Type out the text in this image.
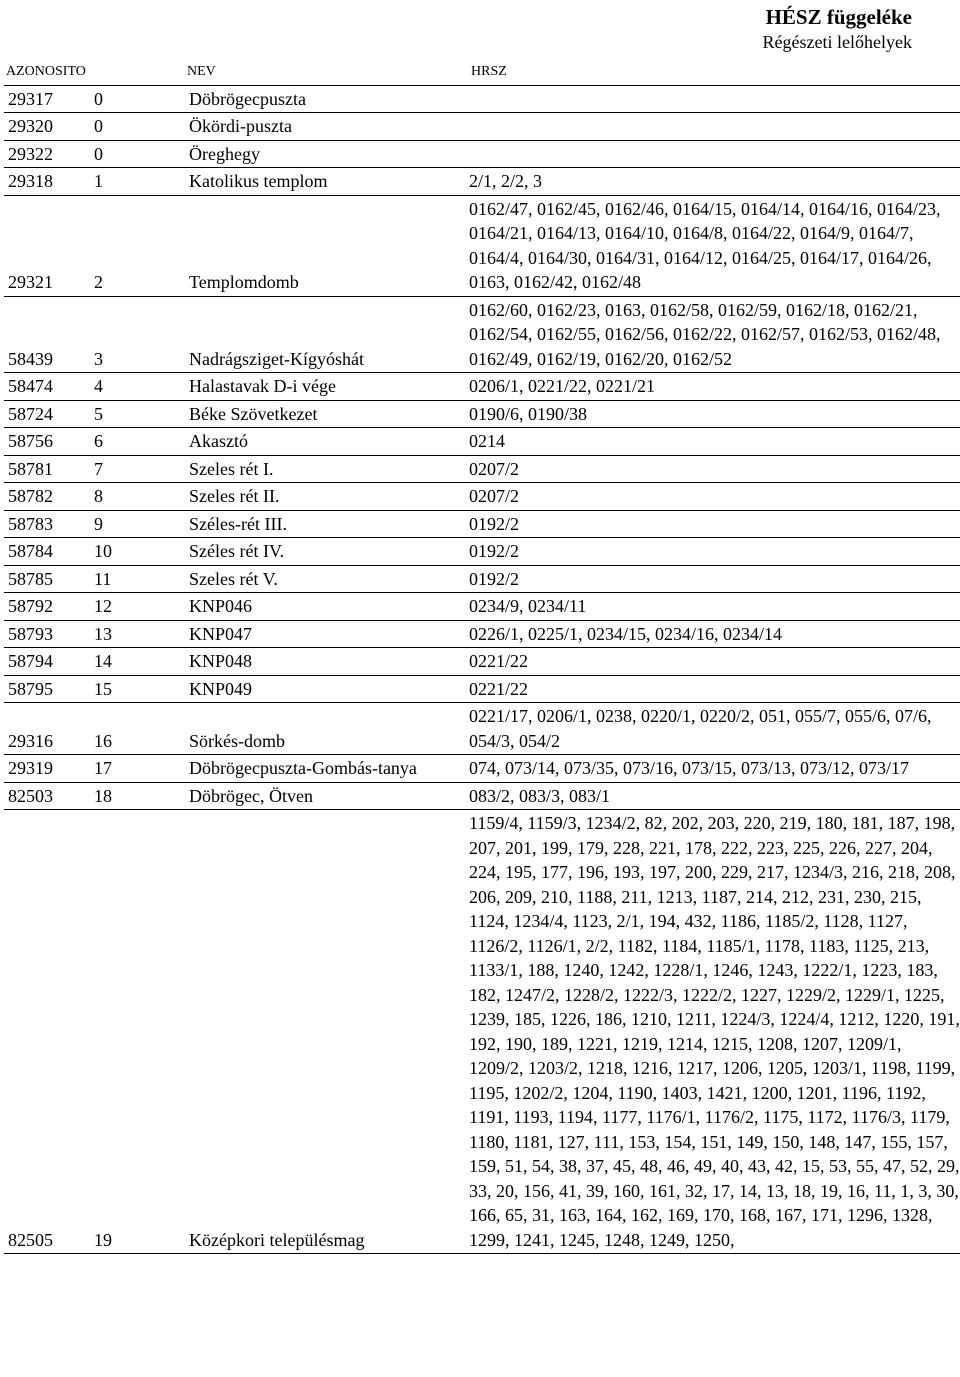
HÉSZ függeléke
Régészeti lelőhelyek
AZONOSITO	NEV		HRSZ
29317	0	Döbrögecpuszta	
29320	0	Ökördi-puszta	
29322	0	Öreghegy	
29318	1	Katolikus templom	2/1, 2/2, 3
29321	2	Templomdomb	0162/47, 0162/45, 0162/46, 0164/15, 0164/14, 0164/16, 0164/23, 0164/21, 0164/13, 0164/10, 0164/8, 0164/22, 0164/9, 0164/7, 0164/4, 0164/30, 0164/31, 0164/12, 0164/25, 0164/17, 0164/26, 0163, 0162/42, 0162/48
58439	3	Nadrágsziget-Kígyóshát	0162/60, 0162/23, 0163, 0162/58, 0162/59, 0162/18, 0162/21, 0162/54, 0162/55, 0162/56, 0162/22, 0162/57, 0162/53, 0162/48, 0162/49, 0162/19, 0162/20, 0162/52
58474	4	Halastavak D-i vége	0206/1, 0221/22, 0221/21
58724	5	Béke Szövetkezet	0190/6, 0190/38
58756	6	Akasztó	0214
58781	7	Szeles rét I.	0207/2
58782	8	Szeles rét II.	0207/2
58783	9	Széles-rét III.	0192/2
58784	10	Széles rét IV.	0192/2
58785	11	Szeles rét V.	0192/2
58792	12	KNP046	0234/9, 0234/11
58793	13	KNP047	0226/1, 0225/1, 0234/15, 0234/16, 0234/14
58794	14	KNP048	0221/22
58795	15	KNP049	0221/22
29316	16	Sörkés-domb	0221/17, 0206/1, 0238, 0220/1, 0220/2, 051, 055/7, 055/6, 07/6, 054/3, 054/2
29319	17	Döbrögecpuszta-Gombás-tanya	074, 073/14, 073/35, 073/16, 073/15, 073/13, 073/12, 073/17
82503	18	Döbrögec, Ötven	083/2, 083/3, 083/1
82505	19	Középkori településmag	1159/4, 1159/3, 1234/2, 82, 202, 203, 220, 219, 180, 181, 187, 198, 207, 201, 199, 179, 228, 221, 178, 222, 223, 225, 226, 227, 204, 224, 195, 177, 196, 193, 197, 200, 229, 217, 1234/3, 216, 218, 208, 206, 209, 210, 1188, 211, 1213, 1187, 214, 212, 231, 230, 215, 1124, 1234/4, 1123, 2/1, 194, 432, 1186, 1185/2, 1128, 1127, 1126/2, 1126/1, 2/2, 1182, 1184, 1185/1, 1178, 1183, 1125, 213, 1133/1, 188, 1240, 1242, 1228/1, 1246, 1243, 1222/1, 1223, 183, 182, 1247/2, 1228/2, 1222/3, 1222/2, 1227, 1229/2, 1229/1, 1225, 1239, 185, 1226, 186, 1210, 1211, 1224/3, 1224/4, 1212, 1220, 191, 192, 190, 189, 1221, 1219, 1214, 1215, 1208, 1207, 1209/1, 1209/2, 1203/2, 1218, 1216, 1217, 1206, 1205, 1203/1, 1198, 1199, 1195, 1202/2, 1204, 1190, 1403, 1421, 1200, 1201, 1196, 1192, 1191, 1193, 1194, 1177, 1176/1, 1176/2, 1175, 1172, 1176/3, 1179, 1180, 1181, 127, 111, 153, 154, 151, 149, 150, 148, 147, 155, 157, 159, 51, 54, 38, 37, 45, 48, 46, 49, 40, 43, 42, 15, 53, 55, 47, 52, 29, 33, 20, 156, 41, 39, 160, 161, 32, 17, 14, 13, 18, 19, 16, 11, 1, 3, 30, 166, 65, 31, 163, 164, 162, 169, 170, 168, 167, 171, 1296, 1328, 1299, 1241, 1245, 1248, 1249, 1250,
